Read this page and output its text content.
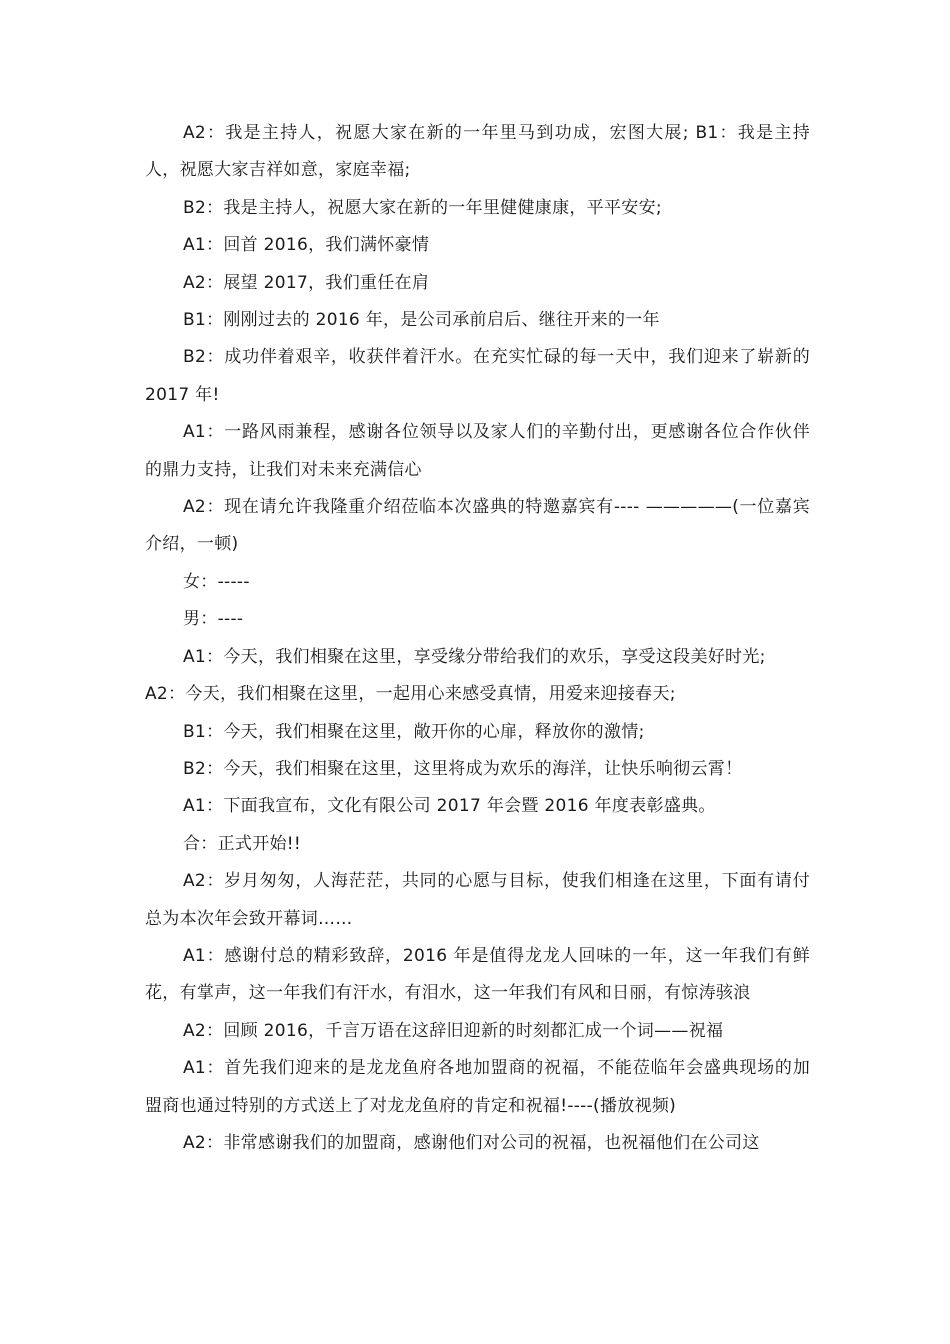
A2：我是主持人，祝愿大家在新的一年里马到功成，宏图大展; B1：我是主持人，祝愿大家吉祥如意，家庭幸福;

B2：我是主持人，祝愿大家在新的一年里健健康康，平平安安;

A1：回首 2016，我们满怀豪情

A2：展望 2017，我们重任在肩

B1：刚刚过去的 2016 年，是公司承前启后、继往开来的一年

B2：成功伴着艰辛，收获伴着汗水。在充实忙碌的每一天中，我们迎来了崭新的 2017 年!

A1：一路风雨兼程，感谢各位领导以及家人们的辛勤付出，更感谢各位合作伙伴的鼎力支持，让我们对未来充满信心

A2：现在请允许我隆重介绍莅临本次盛典的特邀嘉宾有---- —————(一位嘉宾介绍，一顿)

女：-----

男：----

A1：今天，我们相聚在这里，享受缘分带给我们的欢乐，享受这段美好时光;

A2：今天，我们相聚在这里，一起用心来感受真情，用爱来迎接春天;

B1：今天，我们相聚在这里，敞开你的心扉，释放你的激情;

B2：今天，我们相聚在这里，这里将成为欢乐的海洋，让快乐响彻云霄！

A1：下面我宣布，文化有限公司 2017 年会暨 2016 年度表彰盛典。

合：正式开始!!

A2：岁月匆匆，人海茫茫，共同的心愿与目标，使我们相逢在这里，下面有请付总为本次年会致开幕词……

A1：感谢付总的精彩致辞，2016 年是值得龙龙人回味的一年，这一年我们有鲜花，有掌声，这一年我们有汗水，有泪水，这一年我们有风和日丽，有惊涛骇浪

A2：回顾 2016，千言万语在这辞旧迎新的时刻都汇成一个词——祝福

A1：首先我们迎来的是龙龙鱼府各地加盟商的祝福，不能莅临年会盛典现场的加盟商也通过特别的方式送上了对龙龙鱼府的肯定和祝福!----(播放视频)

A2：非常感谢我们的加盟商，感谢他们对公司的祝福，也祝福他们在公司这
